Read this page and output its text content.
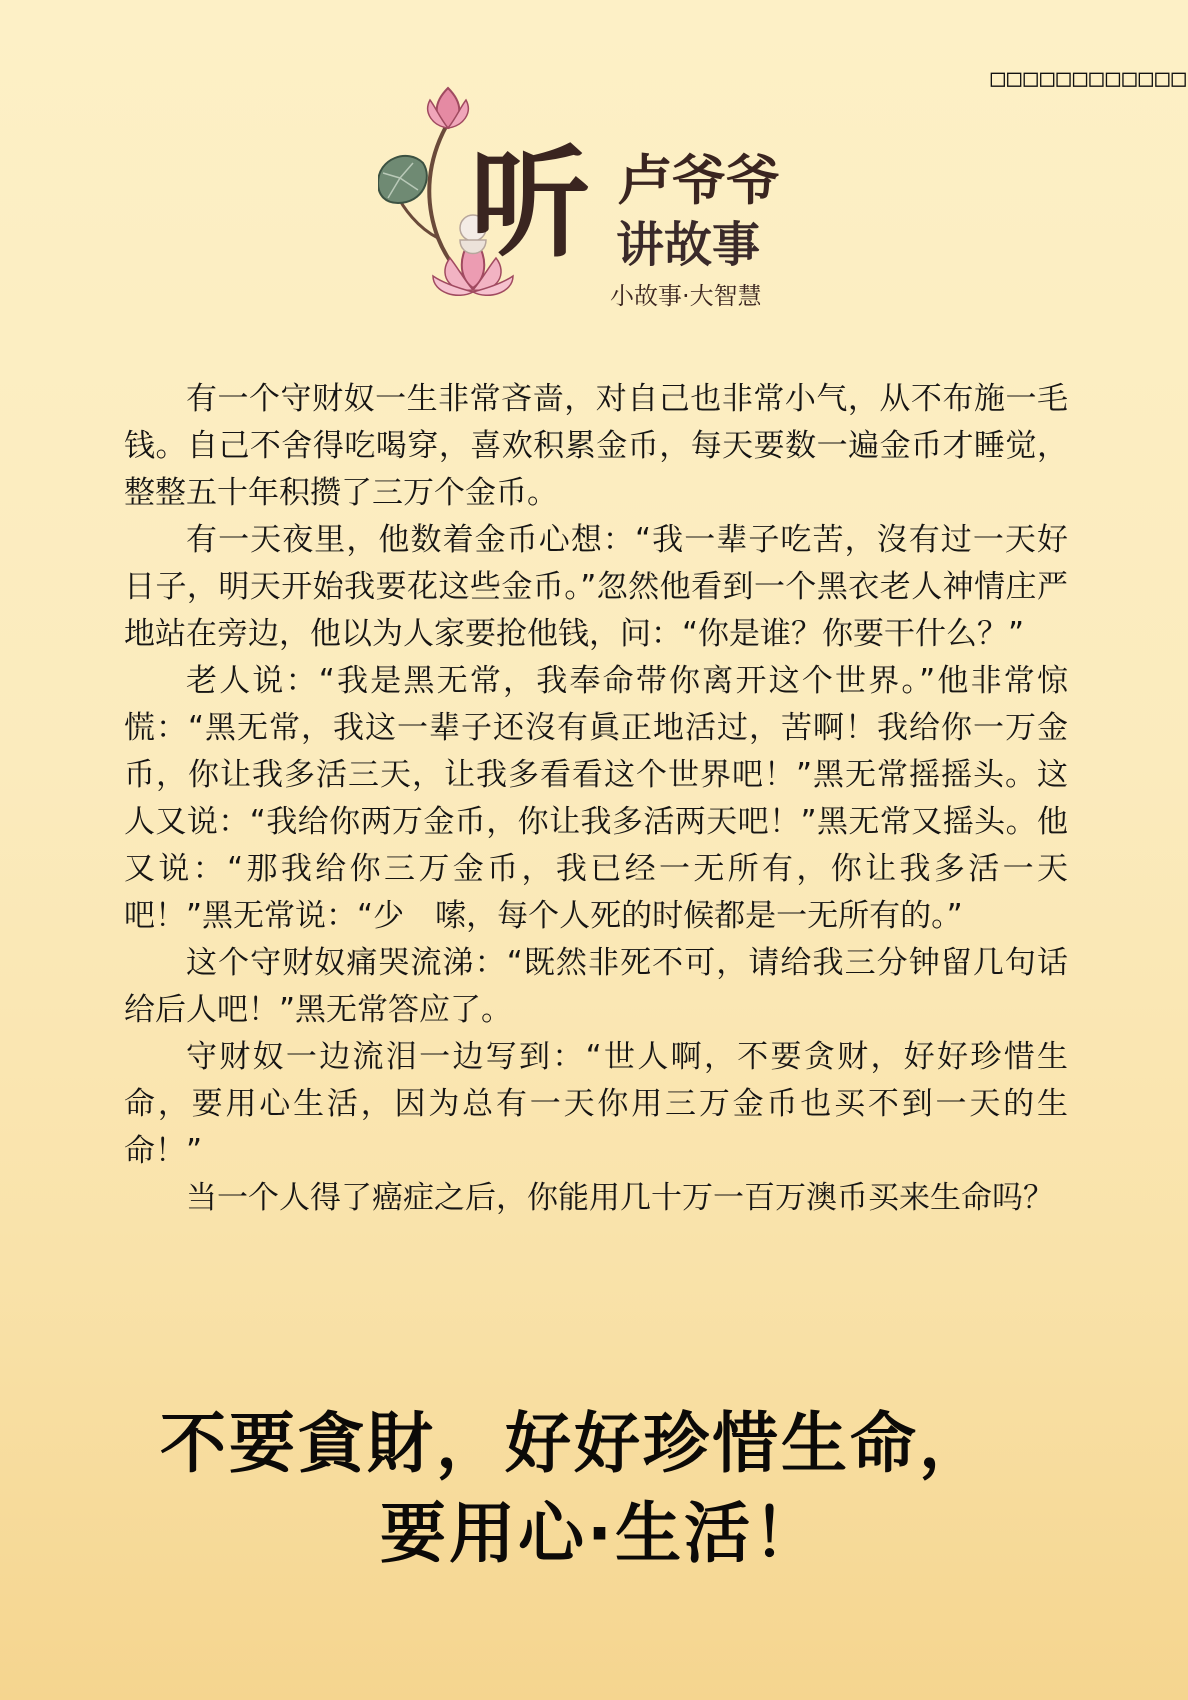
□□□□□□□□□□□□
听 卢爷爷
讲故事
小故事·大智慧

有一个守财奴一生非常吝啬，对自己也非常小气，从不布施一毛钱。自己不舍得吃喝穿，喜欢积累金币，每天要数一遍金币才睡觉，整整五十年积攒了三万个金币。

有一天夜里，他数着金币心想：“我一辈子吃苦，沒有过一天好日子，明天开始我要花这些金币。”忽然他看到一个黑衣老人神情庄严地站在旁边，他以为人家要抢他钱，问：“你是谁？你要干什么？”

老人说：“我是黑无常，我奉命带你离开这个世界。”他非常惊慌：“黑无常，我这一辈子还沒有眞正地活过，苦啊！我给你一万金币，你让我多活三天，让我多看看这个世界吧！”黑无常摇摇头。这人又说：“我给你两万金币，你让我多活两天吧！”黑无常又摇头。他又说：“那我给你三万金币，我已经一无所有，你让我多活一天吧！”黑无常说：“少　嗦，每个人死的时候都是一无所有的。”

这个守财奴痛哭流涕：“既然非死不可，请给我三分钟留几句话给后人吧！”黑无常答应了。

守财奴一边流泪一边写到：“世人啊，不要贪财，好好珍惜生命，要用心生活，因为总有一天你用三万金币也买不到一天的生命！”

当一个人得了癌症之后，你能用几十万一百万澳币买来生命吗？

不要貪財，好好珍惜生命，
要用心·生活！
